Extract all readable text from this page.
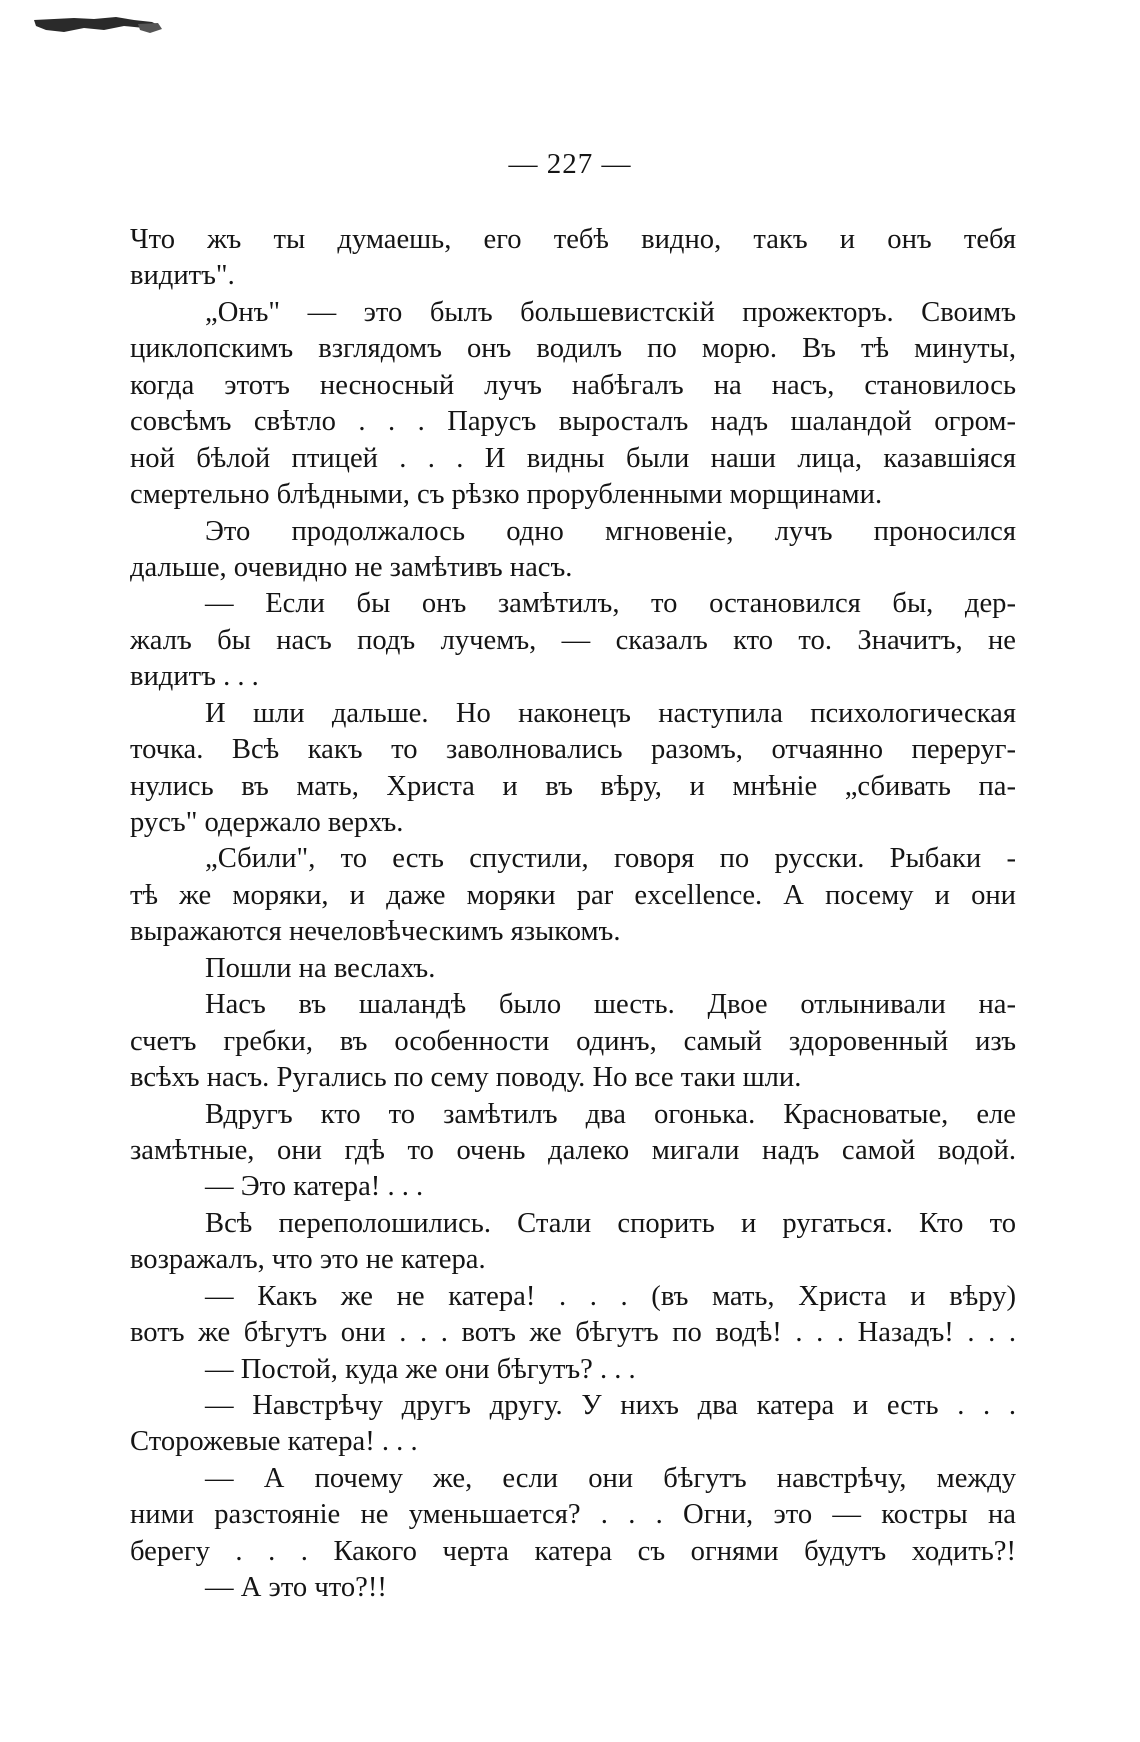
— 227 —
Что жъ ты думаешь, его тебѣ видно, такъ и онъ тебя
видитъ".
„Онъ" — это былъ большевистскій прожекторъ. Своимъ
циклопскимъ взглядомъ онъ водилъ по морю. Въ тѣ минуты,
когда этотъ несносный лучъ набѣгалъ на насъ, становилось
совсѣмъ свѣтло . . . Парусъ выросталъ надъ шаландой огром-
ной бѣлой птицей . . . И видны были наши лица, казавшіяся
смертельно блѣдными, съ рѣзко прорубленными морщинами.
Это продолжалось одно мгновеніе, лучъ проносился
дальше, очевидно не замѣтивъ насъ.
— Если бы онъ замѣтилъ, то остановился бы, дер-
жалъ бы насъ подъ лучемъ, — сказалъ кто то. Значитъ, не
видитъ . . .
И шли дальше. Но наконецъ наступила психологическая
точка. Всѣ какъ то заволновались разомъ, отчаянно переруг-
нулись въ мать, Христа и въ вѣру, и мнѣніе „сбивать па-
русъ" одержало верхъ.
„Сбили", то есть спустили, говоря по русски. Рыбаки -
тѣ же моряки, и даже моряки par excellence. А посему и они
выражаются нечеловѣческимъ языкомъ.
Пошли на веслахъ.
Насъ въ шаландѣ было шесть. Двое отлынивали на-
счетъ гребки, въ особенности одинъ, самый здоровенный изъ
всѣхъ насъ. Ругались по сему поводу. Но все таки шли.
Вдругъ кто то замѣтилъ два огонька. Красноватые, еле
замѣтные, они гдѣ то очень далеко мигали надъ самой водой.
— Это катера! . . .
Всѣ переполошились. Стали спорить и ругаться. Кто то
возражалъ, что это не катера.
— Какъ же не катера! . . . (въ мать, Христа и вѣру)
вотъ же бѣгутъ они . . . вотъ же бѣгутъ по водѣ! . . . Назадъ! . . .
— Постой, куда же они бѣгутъ? . . .
— Навстрѣчу другъ другу. У нихъ два катера и есть . . .
Сторожевые катера! . . .
— А почему же, если они бѣгутъ навстрѣчу, между
ними разстояніе не уменьшается? . . . Огни, это — костры на
берегу . . . Какого черта катера съ огнями будутъ ходить?!
— А это что?!!
